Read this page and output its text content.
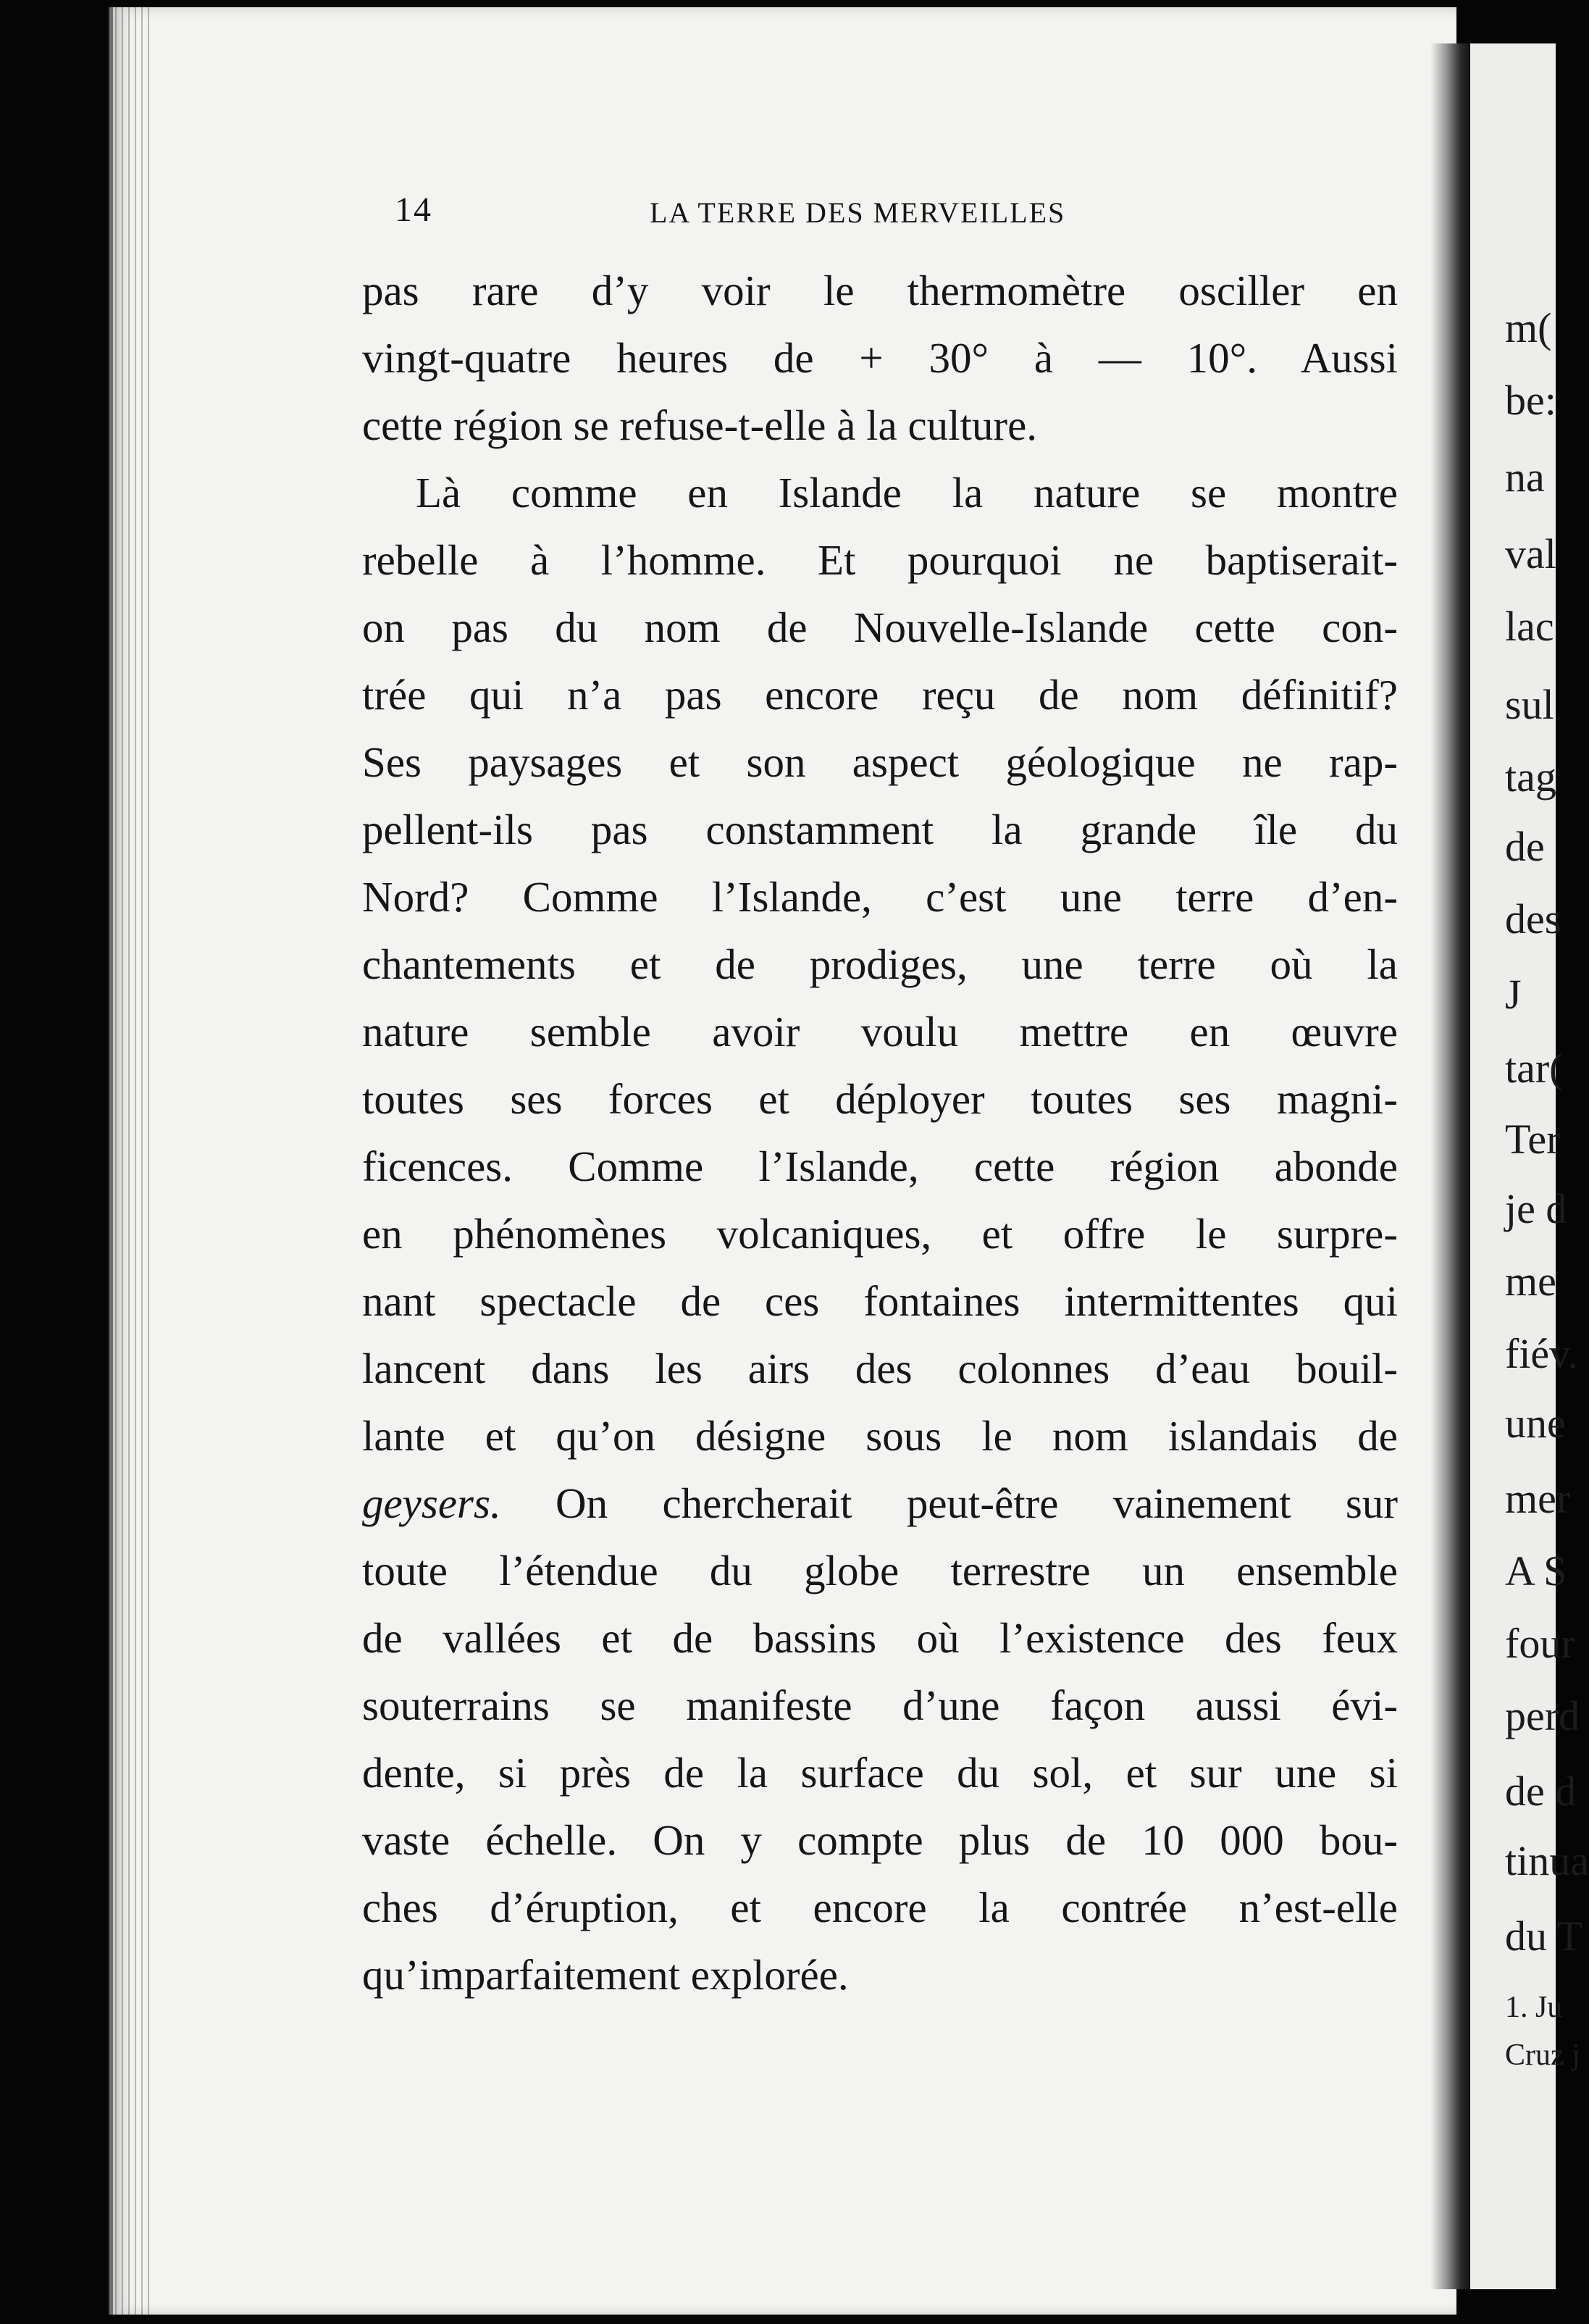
m(
be:
na
val
lac
sul
tag
de
des
J
tar(
Ter
je d
me
fiév.
une
mer
A S
four
perd
de d
tinua
du T
1. Ju
Cruz j
14	LA TERRE DES MERVEILLES
pas rare d’y voir le thermomètre osciller en
vingt-quatre heures de + 30° à — 10°. Aussi
cette région se refuse-t-elle à la culture.
Là comme en Islande la nature se montre
rebelle à l’homme. Et pourquoi ne baptiserait-
on pas du nom de Nouvelle-Islande cette con-
trée qui n’a pas encore reçu de nom définitif?
Ses paysages et son aspect géologique ne rap-
pellent-ils pas constamment la grande île du
Nord? Comme l’Islande, c’est une terre d’en-
chantements et de prodiges, une terre où la
nature semble avoir voulu mettre en œuvre
toutes ses forces et déployer toutes ses magni-
ficences. Comme l’Islande, cette région abonde
en phénomènes volcaniques, et offre le surpre-
nant spectacle de ces fontaines intermittentes qui
lancent dans les airs des colonnes d’eau bouil-
lante et qu’on désigne sous le nom islandais de
geysers. On chercherait peut-être vainement sur
toute l’étendue du globe terrestre un ensemble
de vallées et de bassins où l’existence des feux
souterrains se manifeste d’une façon aussi évi-
dente, si près de la surface du sol, et sur une si
vaste échelle. On y compte plus de 10 000 bou-
ches d’éruption, et encore la contrée n’est-elle
qu’imparfaitement explorée.
